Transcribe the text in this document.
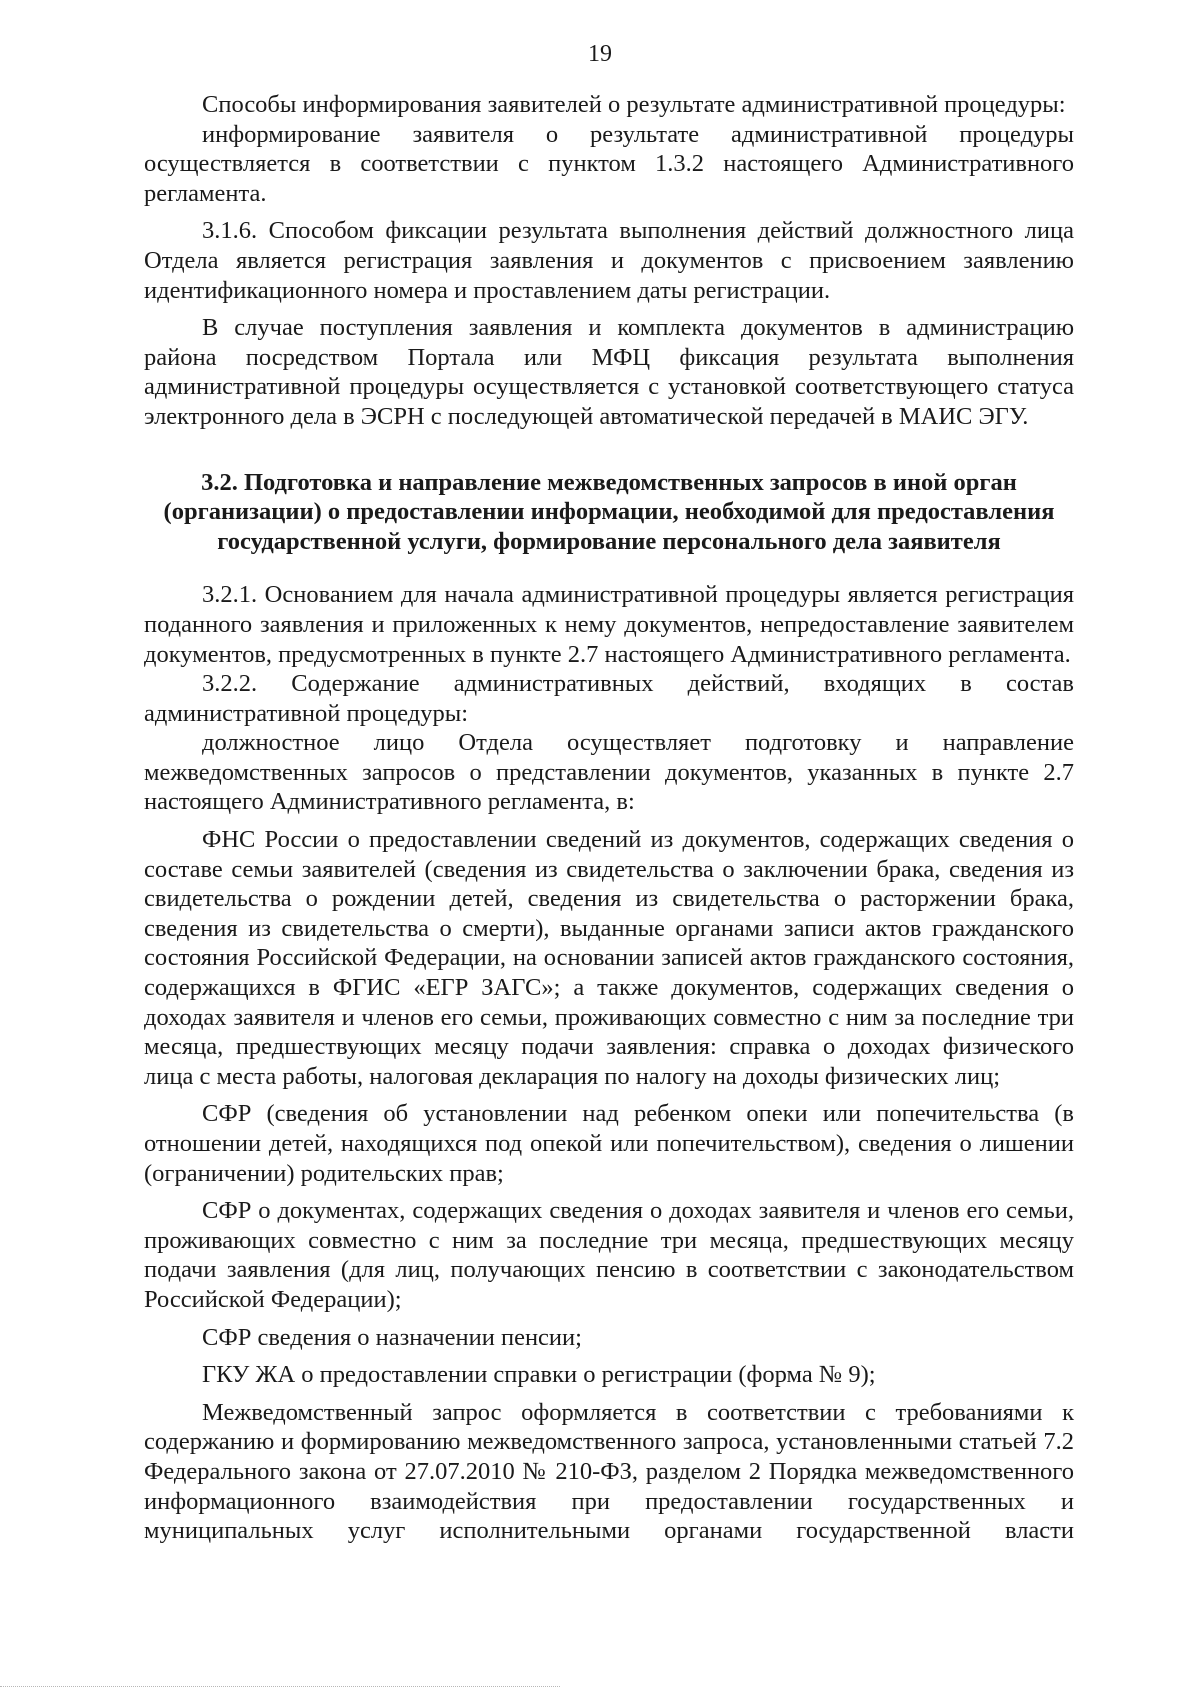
19

Способы информирования заявителей о результате административной процедуры:

информирование заявителя о результате административной процедуры осуществляется в соответствии с пунктом 1.3.2 настоящего Административного регламента.

3.1.6. Способом фиксации результата выполнения действий должностного лица Отдела является регистрация заявления и документов с присвоением заявлению идентификационного номера и проставлением даты регистрации.

В случае поступления заявления и комплекта документов в администрацию района посредством Портала или МФЦ фиксация результата выполнения административной процедуры осуществляется с установкой соответствующего статуса электронного дела в ЭСРН с последующей автоматической передачей в МАИС ЭГУ.

3.2. Подготовка и направление межведомственных запросов в иной орган (организации) о предоставлении информации, необходимой для предоставления государственной услуги, формирование персонального дела заявителя

3.2.1. Основанием для начала административной процедуры является регистрация поданного заявления и приложенных к нему документов, непредоставление заявителем документов, предусмотренных в пункте 2.7 настоящего Административного регламента.

3.2.2. Содержание административных действий, входящих в состав административной процедуры:

должностное лицо Отдела осуществляет подготовку и направление межведомственных запросов о представлении документов, указанных в пункте 2.7 настоящего Административного регламента, в:

ФНС России о предоставлении сведений из документов, содержащих сведения о составе семьи заявителей (сведения из свидетельства о заключении брака, сведения из свидетельства о рождении детей, сведения из свидетельства о расторжении брака, сведения из свидетельства о смерти), выданные органами записи актов гражданского состояния Российской Федерации, на основании записей актов гражданского состояния, содержащихся в ФГИС «ЕГР ЗАГС»; а также документов, содержащих сведения о доходах заявителя и членов его семьи, проживающих совместно с ним за последние три месяца, предшествующих месяцу подачи заявления: справка о доходах физического лица с места работы, налоговая декларация по налогу на доходы физических лиц;

СФР (сведения об установлении над ребенком опеки или попечительства (в отношении детей, находящихся под опекой или попечительством), сведения о лишении (ограничении) родительских прав;

СФР о документах, содержащих сведения о доходах заявителя и членов его семьи, проживающих совместно с ним за последние три месяца, предшествующих месяцу подачи заявления (для лиц, получающих пенсию в соответствии с законодательством Российской Федерации);

СФР сведения о назначении пенсии;

ГКУ ЖА о предоставлении справки о регистрации (форма № 9);

Межведомственный запрос оформляется в соответствии с требованиями к содержанию и формированию межведомственного запроса, установленными статьей 7.2 Федерального закона от 27.07.2010 № 210-ФЗ, разделом 2 Порядка межведомственного информационного взаимодействия при предоставлении государственных и муниципальных услуг исполнительными органами государственной власти
